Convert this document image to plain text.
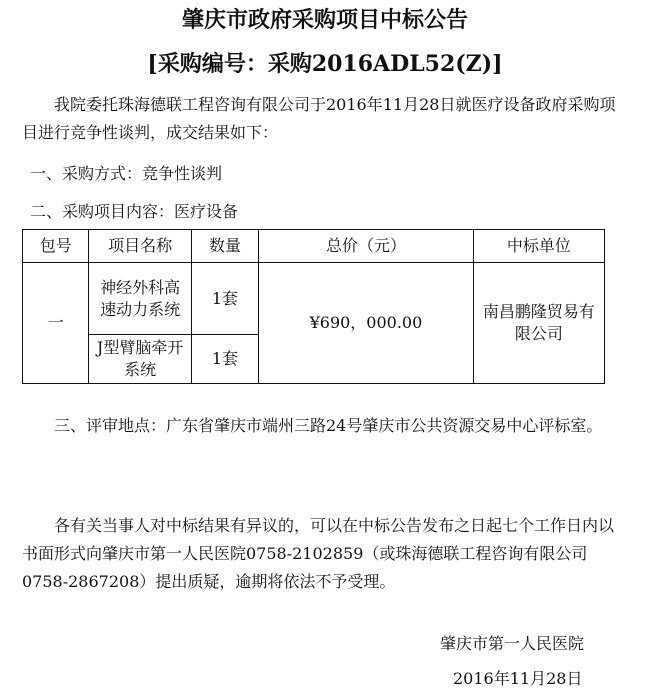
肇庆市政府采购项目中标公告
[采购编号：采购2016ADL52(Z)]

我院委托珠海德联工程咨询有限公司于2016年11月28日就医疗设备政府采购项目进行竞争性谈判，成交结果如下：

一、采购方式：竞争性谈判

二、采购项目内容：医疗设备

包号	项目名称	数量	总价（元）	中标单位
一	神经外科高速动力系统	1套	¥690，000.00	南昌鹏隆贸易有限公司
	J型臂脑牵开系统	1套		

三、评审地点：广东省肇庆市端州三路24号肇庆市公共资源交易中心评标室。

各有关当事人对中标结果有异议的，可以在中标公告发布之日起七个工作日内以书面形式向肇庆市第一人民医院0758-2102859（或珠海德联工程咨询有限公司0758-2867208）提出质疑，逾期将依法不予受理。

肇庆市第一人民医院

2016年11月28日
